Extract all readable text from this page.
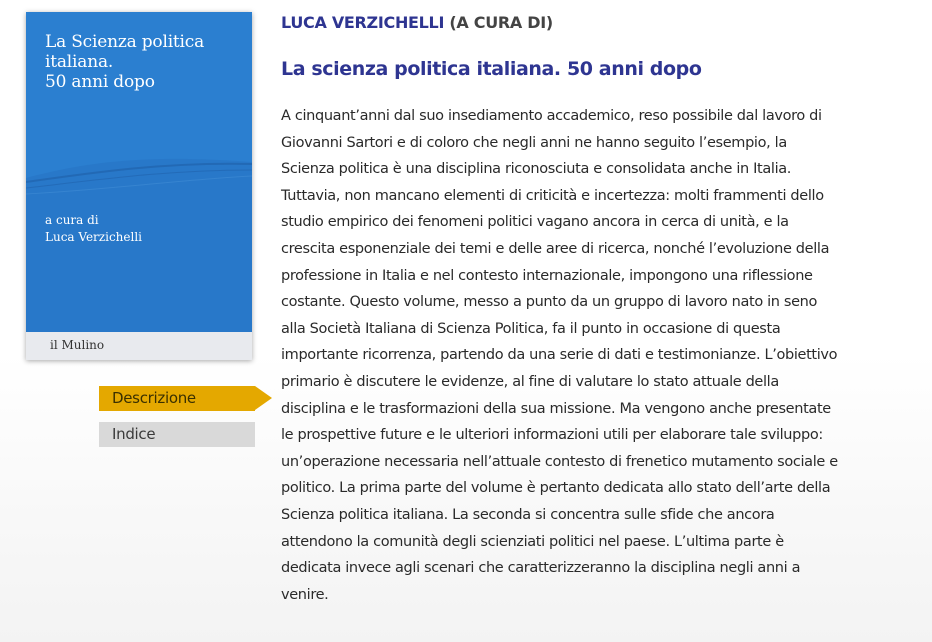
La Scienza politica
italiana.
50 anni dopo
a cura di
Luca Verzichelli
il Mulino
Descrizione
Indice
LUCA VERZICHELLI (A CURA DI)
La scienza politica italiana. 50 anni dopo

A cinquant’anni dal suo insediamento accademico, reso possibile dal lavoro di
Giovanni Sartori e di coloro che negli anni ne hanno seguito l’esempio, la
Scienza politica è una disciplina riconosciuta e consolidata anche in Italia.
Tuttavia, non mancano elementi di criticità e incertezza: molti frammenti dello
studio empirico dei fenomeni politici vagano ancora in cerca di unità, e la
crescita esponenziale dei temi e delle aree di ricerca, nonché l’evoluzione della
professione in Italia e nel contesto internazionale, impongono una riflessione
costante. Questo volume, messo a punto da un gruppo di lavoro nato in seno
alla Società Italiana di Scienza Politica, fa il punto in occasione di questa
importante ricorrenza, partendo da una serie di dati e testimonianze. L’obiettivo
primario è discutere le evidenze, al fine di valutare lo stato attuale della
disciplina e le trasformazioni della sua missione. Ma vengono anche presentate
le prospettive future e le ulteriori informazioni utili per elaborare tale sviluppo:
un’operazione necessaria nell’attuale contesto di frenetico mutamento sociale e
politico. La prima parte del volume è pertanto dedicata allo stato dell’arte della
Scienza politica italiana. La seconda si concentra sulle sfide che ancora
attendono la comunità degli scienziati politici nel paese. L’ultima parte è
dedicata invece agli scenari che caratterizzeranno la disciplina negli anni a
venire.
